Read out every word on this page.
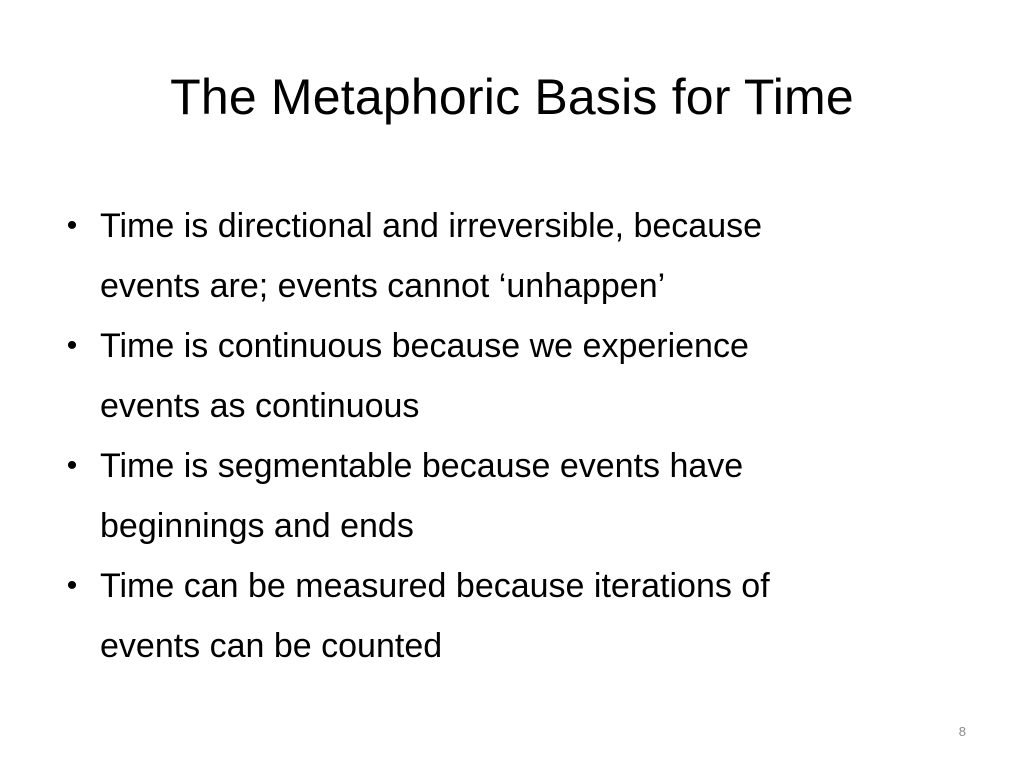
The Metaphoric Basis for Time
• Time is directional and irreversible, because
events are; events cannot ‘unhappen’
• Time is continuous because we experience
events as continuous
• Time is segmentable because events have
beginnings and ends
• Time can be measured because iterations of
events can be counted
8
